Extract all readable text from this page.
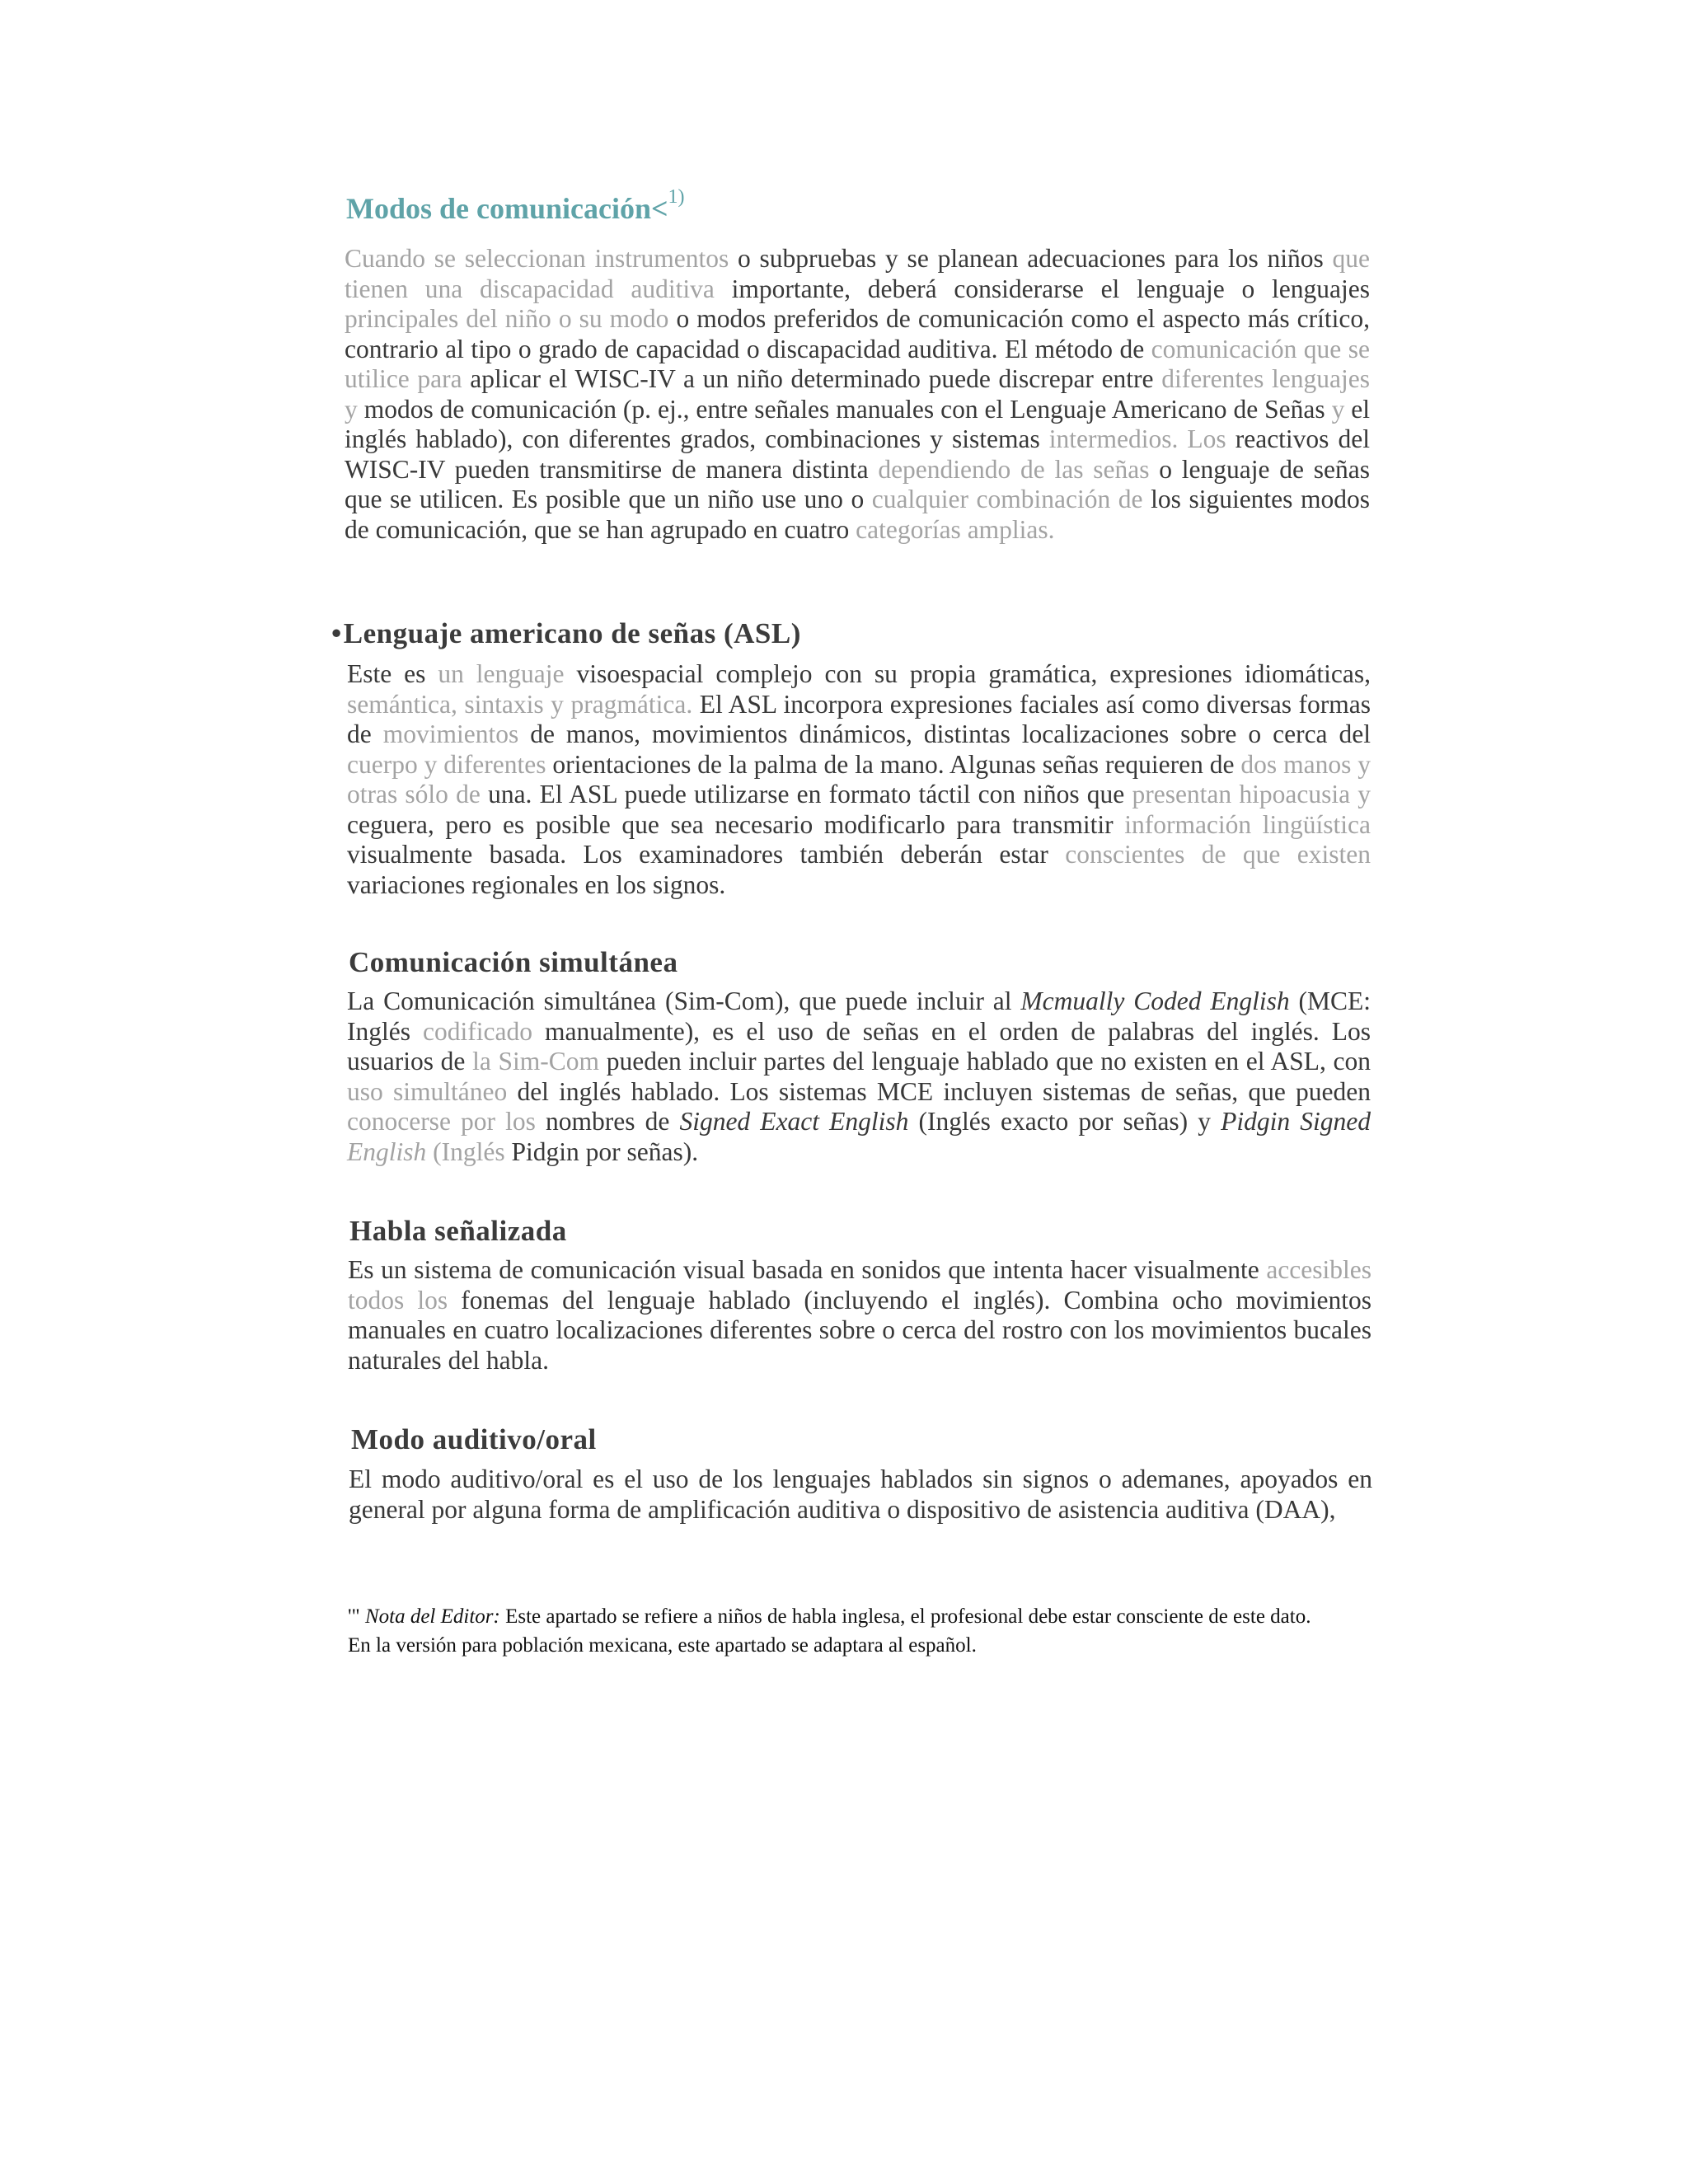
Modos de comunicación<$^{1)}$

Cuando se seleccionan instrumentos o subpruebas y se planean adecuaciones para los niños que tienen una discapacidad auditiva importante, deberá considerarse el lenguaje o lenguajes principales del niño o su modo o modos preferidos de comunicación como el aspecto más crítico, contrario al tipo o grado de capacidad o discapacidad auditiva. El método de comunicación que se utilice para aplicar el WISC-IV a un niño determinado puede discrepar entre diferentes lenguajes y modos de comunicación (p. ej., entre señales manuales con el Lenguaje Americano de Señas y el inglés hablado), con diferentes grados, combinaciones y sistemas intermedios. Los reactivos del WISC-IV pueden transmitirse de manera distinta dependiendo de las señas o lenguaje de señas que se utilicen. Es posible que un niño use uno o cualquier combinación de los siguientes modos de comunicación, que se han agrupado en cuatro categorías amplias.

•Lenguaje americano de señas (ASL)

Este es un lenguaje visoespacial complejo con su propia gramática, expresiones idiomáticas, semántica, sintaxis y pragmática. El ASL incorpora expresiones faciales así como diversas formas de movimientos de manos, movimientos dinámicos, distintas localizaciones sobre o cerca del cuerpo y diferentes orientaciones de la palma de la mano. Algunas señas requieren de dos manos y otras sólo de una. El ASL puede utilizarse en formato táctil con niños que presentan hipoacusia y ceguera, pero es posible que sea necesario modificarlo para transmitir información lingüística visualmente basada. Los examinadores también deberán estar conscientes de que existen variaciones regionales en los signos.

Comunicación simultánea

La Comunicación simultánea (Sim-Com), que puede incluir al Mcmually Coded English (MCE: Inglés codificado manualmente), es el uso de señas en el orden de palabras del inglés. Los usuarios de la Sim-Com pueden incluir partes del lenguaje hablado que no existen en el ASL, con uso simultáneo del inglés hablado. Los sistemas MCE incluyen sistemas de señas, que pueden conocerse por los nombres de Signed Exact English (Inglés exacto por señas) y Pidgin Signed English (Inglés Pidgin por señas).

Habla señalizada

Es un sistema de comunicación visual basada en sonidos que intenta hacer visualmente accesibles todos los fonemas del lenguaje hablado (incluyendo el inglés). Combina ocho movimientos manuales en cuatro localizaciones diferentes sobre o cerca del rostro con los movimientos bucales naturales del habla.

Modo auditivo/oral

El modo auditivo/oral es el uso de los lenguajes hablados sin signos o ademanes, apoyados en general por alguna forma de amplificación auditiva o dispositivo de asistencia auditiva (DAA),

'" Nota del Editor: Este apartado se refiere a niños de habla inglesa, el profesional debe estar consciente de este dato.
En la versión para población mexicana, este apartado se adaptara al español.
